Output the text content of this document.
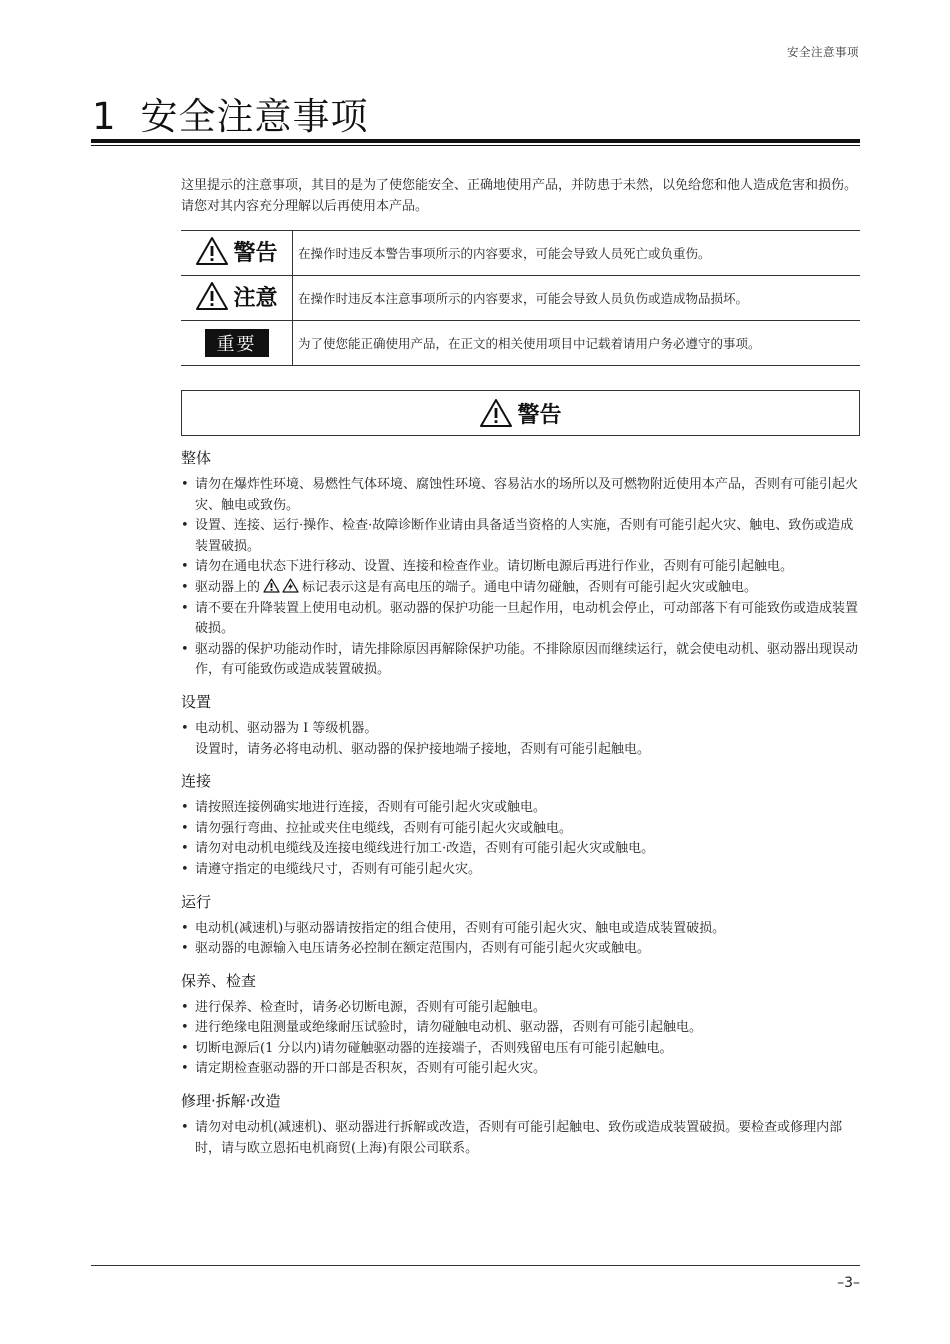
安全注意事项
1 安全注意事项
这里提示的注意事项，其目的是为了使您能安全、正确地使用产品，并防患于未然，以免给您和他人造成危害和损伤。请您对其内容充分理解以后再使用本产品。
警告	在操作时违反本警告事项所示的内容要求，可能会导致人员死亡或负重伤。

注意	在操作时违反本注意事项所示的内容要求，可能会导致人员负伤或造成物品损坏。
重要	为了使您能正确使用产品，在正文的相关使用项目中记载着请用户务必遵守的事项。
警告
整体
• 请勿在爆炸性环境、易燃性气体环境、腐蚀性环境、容易沾水的场所以及可燃物附近使用本产品，否则有可能引起火灾、触电或致伤。
• 设置、连接、运行·操作、检查·故障诊断作业请由具备适当资格的人实施，否则有可能引起火灾、触电、致伤或造成装置破损。
• 请勿在通电状态下进行移动、设置、连接和检查作业。请切断电源后再进行作业，否则有可能引起触电。
• 驱动器上的	标记表示这是有高电压的端子。通电中请勿碰触，否则有可能引起火灾或触电。
• 请不要在升降装置上使用电动机。驱动器的保护功能一旦起作用，电动机会停止，可动部落下有可能致伤或造成装置破损。
• 驱动器的保护功能动作时，请先排除原因再解除保护功能。不排除原因而继续运行，就会使电动机、驱动器出现误动作，有可能致伤或造成装置破损。
设置
• 电动机、驱动器为 I 等级机器。
设置时，请务必将电动机、驱动器的保护接地端子接地，否则有可能引起触电。
连接
• 请按照连接例确实地进行连接，否则有可能引起火灾或触电。
• 请勿强行弯曲、拉扯或夹住电缆线，否则有可能引起火灾或触电。
• 请勿对电动机电缆线及连接电缆线进行加工·改造，否则有可能引起火灾或触电。
• 请遵守指定的电缆线尺寸，否则有可能引起火灾。
运行
• 电动机(减速机)与驱动器请按指定的组合使用，否则有可能引起火灾、触电或造成装置破损。
• 驱动器的电源输入电压请务必控制在额定范围内，否则有可能引起火灾或触电。
保养、检查
• 进行保养、检查时，请务必切断电源，否则有可能引起触电。
• 进行绝缘电阻测量或绝缘耐压试验时，请勿碰触电动机、驱动器，否则有可能引起触电。
• 切断电源后(1 分以内)请勿碰触驱动器的连接端子，否则残留电压有可能引起触电。
• 请定期检查驱动器的开口部是否积灰，否则有可能引起火灾。
修理·拆解·改造
• 请勿对电动机(减速机)、驱动器进行拆解或改造，否则有可能引起触电、致伤或造成装置破损。要检查或修理内部时，请与欧立恩拓电机商贸(上海)有限公司联系。
–3–
